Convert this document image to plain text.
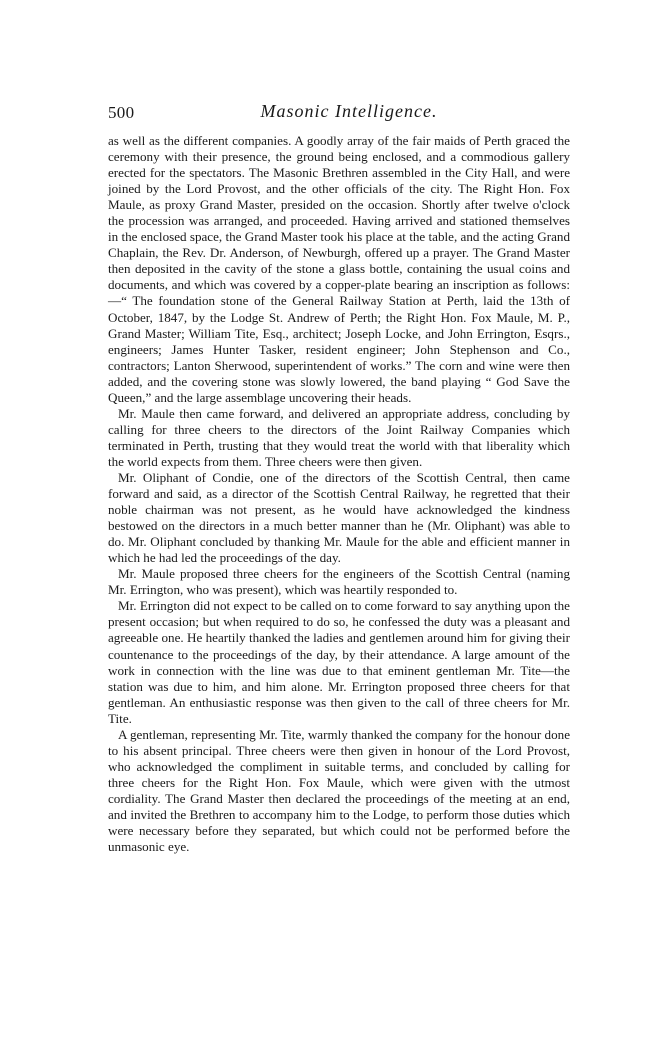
500	Masonic Intelligence.

as well as the different companies. A goodly array of the fair maids of Perth graced the ceremony with their presence, the ground being enclosed, and a commodious gallery erected for the spectators. The Masonic Brethren assembled in the City Hall, and were joined by the Lord Provost, and the other officials of the city. The Right Hon. Fox Maule, as proxy Grand Master, presided on the occasion. Shortly after twelve o'clock the procession was arranged, and proceeded. Having arrived and stationed themselves in the enclosed space, the Grand Master took his place at the table, and the acting Grand Chaplain, the Rev. Dr. Anderson, of Newburgh, offered up a prayer. The Grand Master then deposited in the cavity of the stone a glass bottle, containing the usual coins and documents, and which was covered by a copper-plate bearing an inscription as follows:—“ The foundation stone of the General Railway Station at Perth, laid the 13th of October, 1847, by the Lodge St. Andrew of Perth; the Right Hon. Fox Maule, M. P., Grand Master; William Tite, Esq., architect; Joseph Locke, and John Errington, Esqrs., engineers; James Hunter Tasker, resident engineer; John Stephenson and Co., contractors; Lanton Sherwood, superintendent of works.” The corn and wine were then added, and the covering stone was slowly lowered, the band playing “ God Save the Queen,” and the large assemblage uncovering their heads.

Mr. Maule then came forward, and delivered an appropriate address, concluding by calling for three cheers to the directors of the Joint Railway Companies which terminated in Perth, trusting that they would treat the world with that liberality which the world expects from them. Three cheers were then given.

Mr. Oliphant of Condie, one of the directors of the Scottish Central, then came forward and said, as a director of the Scottish Central Railway, he regretted that their noble chairman was not present, as he would have acknowledged the kindness bestowed on the directors in a much better manner than he (Mr. Oliphant) was able to do. Mr. Oliphant concluded by thanking Mr. Maule for the able and efficient manner in which he had led the proceedings of the day.

Mr. Maule proposed three cheers for the engineers of the Scottish Central (naming Mr. Errington, who was present), which was heartily responded to.

Mr. Errington did not expect to be called on to come forward to say anything upon the present occasion; but when required to do so, he confessed the duty was a pleasant and agreeable one. He heartily thanked the ladies and gentlemen around him for giving their countenance to the proceedings of the day, by their attendance. A large amount of the work in connection with the line was due to that eminent gentleman Mr. Tite—the station was due to him, and him alone. Mr. Errington proposed three cheers for that gentleman. An enthusiastic response was then given to the call of three cheers for Mr. Tite.

A gentleman, representing Mr. Tite, warmly thanked the company for the honour done to his absent principal. Three cheers were then given in honour of the Lord Provost, who acknowledged the compliment in suitable terms, and concluded by calling for three cheers for the Right Hon. Fox Maule, which were given with the utmost cordiality. The Grand Master then declared the proceedings of the meeting at an end, and invited the Brethren to accompany him to the Lodge, to perform those duties which were necessary before they separated, but which could not be performed before the unmasonic eye.
